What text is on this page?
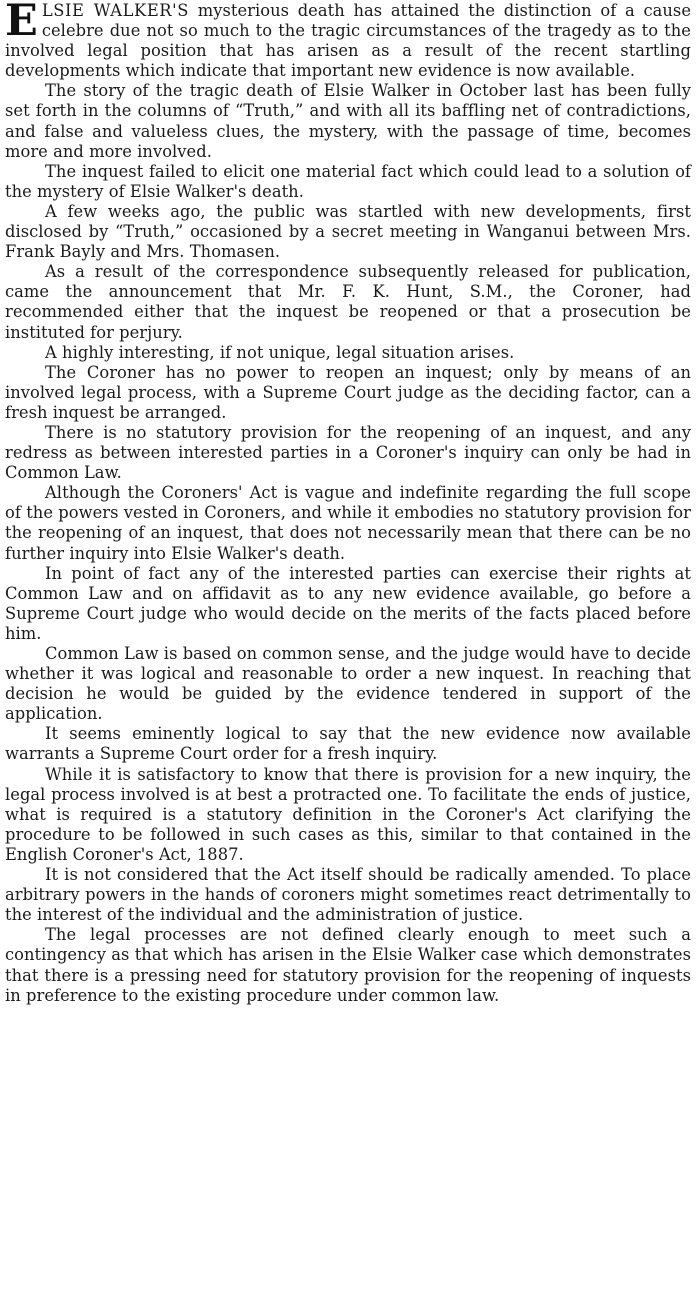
ELSIE WALKER'S mysterious death has attained the distinction of a cause celebre due not so much to the tragic circumstances of the tragedy as to the involved legal position that has arisen as a result of the recent startling developments which indicate that important new evidence is now available.

The story of the tragic death of Elsie Walker in October last has been fully set forth in the columns of “Truth,” and with all its baffling net of contradictions, and false and valueless clues, the mystery, with the passage of time, becomes more and more involved.

The inquest failed to elicit one material fact which could lead to a solution of the mystery of Elsie Walker's death.

A few weeks ago, the public was startled with new developments, first disclosed by “Truth,” occasioned by a secret meeting in Wanganui between Mrs. Frank Bayly and Mrs. Thomasen.

As a result of the correspondence subsequently released for publication, came the announcement that Mr. F. K. Hunt, S.M., the Coroner, had recommended either that the inquest be reopened or that a prosecution be instituted for perjury.

A highly interesting, if not unique, legal situation arises.

The Coroner has no power to reopen an inquest; only by means of an involved legal process, with a Supreme Court judge as the deciding factor, can a fresh inquest be arranged.

There is no statutory provision for the reopening of an inquest, and any redress as between interested parties in a Coroner's inquiry can only be had in Common Law.

Although the Coroners' Act is vague and indefinite regarding the full scope of the powers vested in Coroners, and while it embodies no statutory provision for the reopening of an inquest, that does not necessarily mean that there can be no further inquiry into Elsie Walker's death.

In point of fact any of the interested parties can exercise their rights at Common Law and on affidavit as to any new evidence available, go before a Supreme Court judge who would decide on the merits of the facts placed before him.

Common Law is based on common sense, and the judge would have to decide whether it was logical and reasonable to order a new inquest. In reaching that decision he would be guided by the evidence tendered in support of the application.

It seems eminently logical to say that the new evidence now available warrants a Supreme Court order for a fresh inquiry.

While it is satisfactory to know that there is provision for a new inquiry, the legal process involved is at best a protracted one. To facilitate the ends of justice, what is required is a statutory definition in the Coroner's Act clarifying the procedure to be followed in such cases as this, similar to that contained in the English Coroner's Act, 1887.

It is not considered that the Act itself should be radically amended. To place arbitrary powers in the hands of coroners might sometimes react detrimentally to the interest of the individual and the administration of justice.

The legal processes are not defined clearly enough to meet such a contingency as that which has arisen in the Elsie Walker case which demonstrates that there is a pressing need for statutory provision for the reopening of inquests in preference to the existing procedure under common law.
